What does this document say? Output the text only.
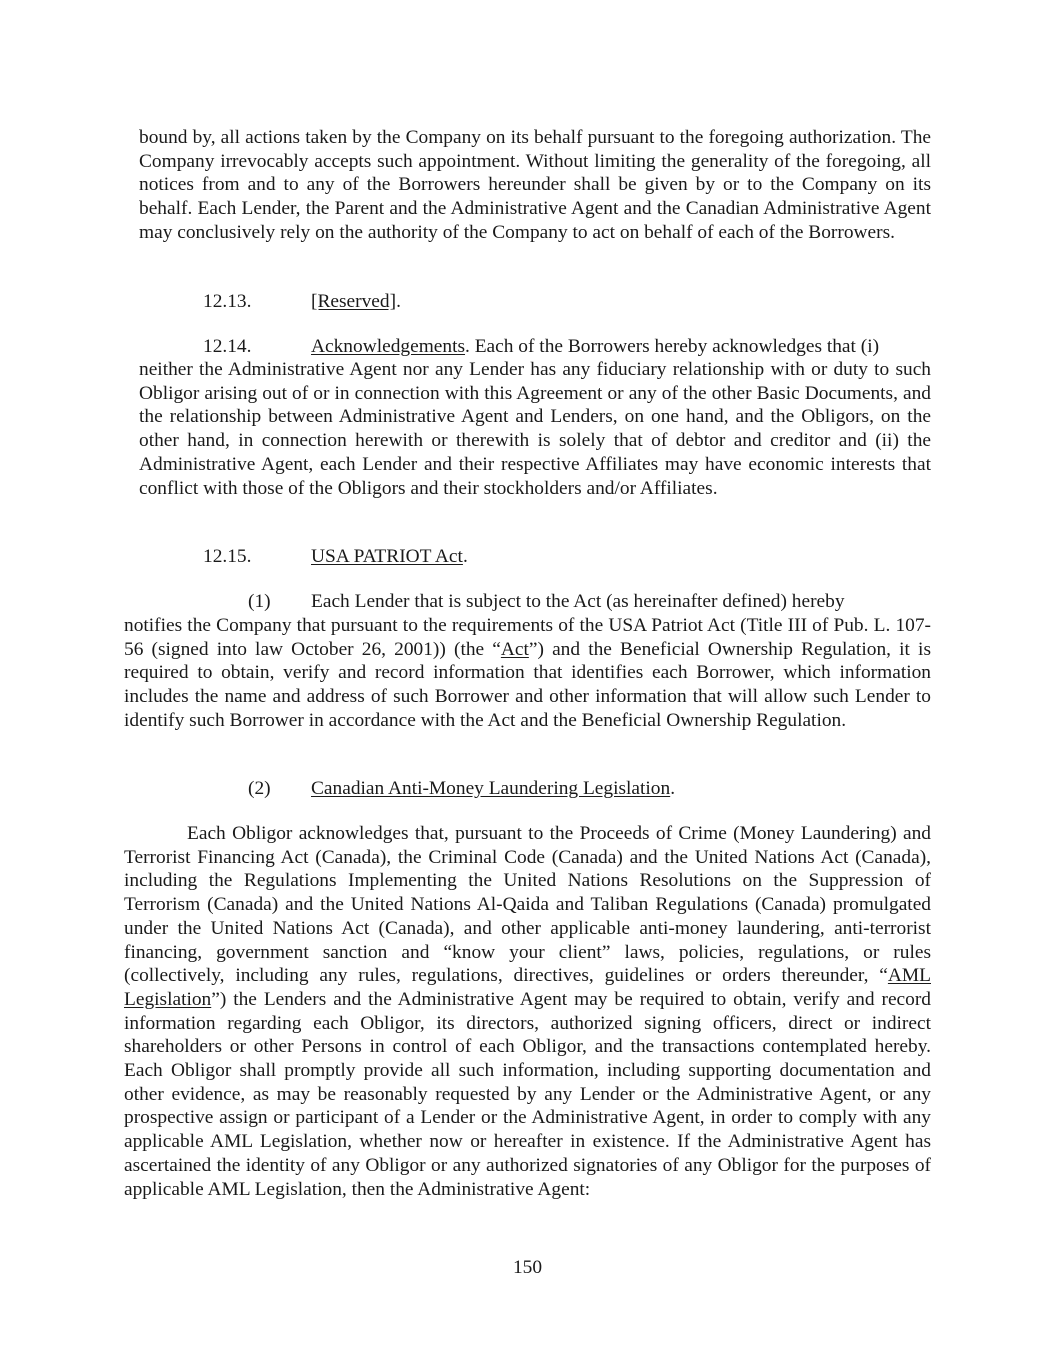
bound by, all actions taken by the Company on its behalf pursuant to the foregoing authorization. The Company irrevocably accepts such appointment. Without limiting the generality of the foregoing, all notices from and to any of the Borrowers hereunder shall be given by or to the Company on its behalf. Each Lender, the Parent and the Administrative Agent and the Canadian Administrative Agent may conclusively rely on the authority of the Company to act on behalf of each of the Borrowers.
12.13.	[Reserved].
12.14.	Acknowledgements. Each of the Borrowers hereby acknowledges that (i)
neither the Administrative Agent nor any Lender has any fiduciary relationship with or duty to such Obligor arising out of or in connection with this Agreement or any of the other Basic Documents, and the relationship between Administrative Agent and Lenders, on one hand, and the Obligors, on the other hand, in connection herewith or therewith is solely that of debtor and creditor and (ii) the Administrative Agent, each Lender and their respective Affiliates may have economic interests that conflict with those of the Obligors and their stockholders and/or Affiliates.
12.15.	USA PATRIOT Act.
(1) Each Lender that is subject to the Act (as hereinafter defined) hereby
notifies the Company that pursuant to the requirements of the USA Patriot Act (Title III of Pub. L. 107-56 (signed into law October 26, 2001)) (the “Act”) and the Beneficial Ownership Regulation, it is required to obtain, verify and record information that identifies each Borrower, which information includes the name and address of such Borrower and other information that will allow such Lender to identify such Borrower in accordance with the Act and the Beneficial Ownership Regulation.
(2) Canadian Anti-Money Laundering Legislation.
Each Obligor acknowledges that, pursuant to the Proceeds of Crime (Money Laundering) and Terrorist Financing Act (Canada), the Criminal Code (Canada) and the United Nations Act (Canada), including the Regulations Implementing the United Nations Resolutions on the Suppression of Terrorism (Canada) and the United Nations Al-Qaida and Taliban Regulations (Canada) promulgated under the United Nations Act (Canada), and other applicable anti-money laundering, anti-terrorist financing, government sanction and “know your client” laws, policies, regulations, or rules (collectively, including any rules, regulations, directives, guidelines or orders thereunder, “AML Legislation”) the Lenders and the Administrative Agent may be required to obtain, verify and record information regarding each Obligor, its directors, authorized signing officers, direct or indirect shareholders or other Persons in control of each Obligor, and the transactions contemplated hereby. Each Obligor shall promptly provide all such information, including supporting documentation and other evidence, as may be reasonably requested by any Lender or the Administrative Agent, or any prospective assign or participant of a Lender or the Administrative Agent, in order to comply with any applicable AML Legislation, whether now or hereafter in existence. If the Administrative Agent has ascertained the identity of any Obligor or any authorized signatories of any Obligor for the purposes of applicable AML Legislation, then the Administrative Agent:
150
